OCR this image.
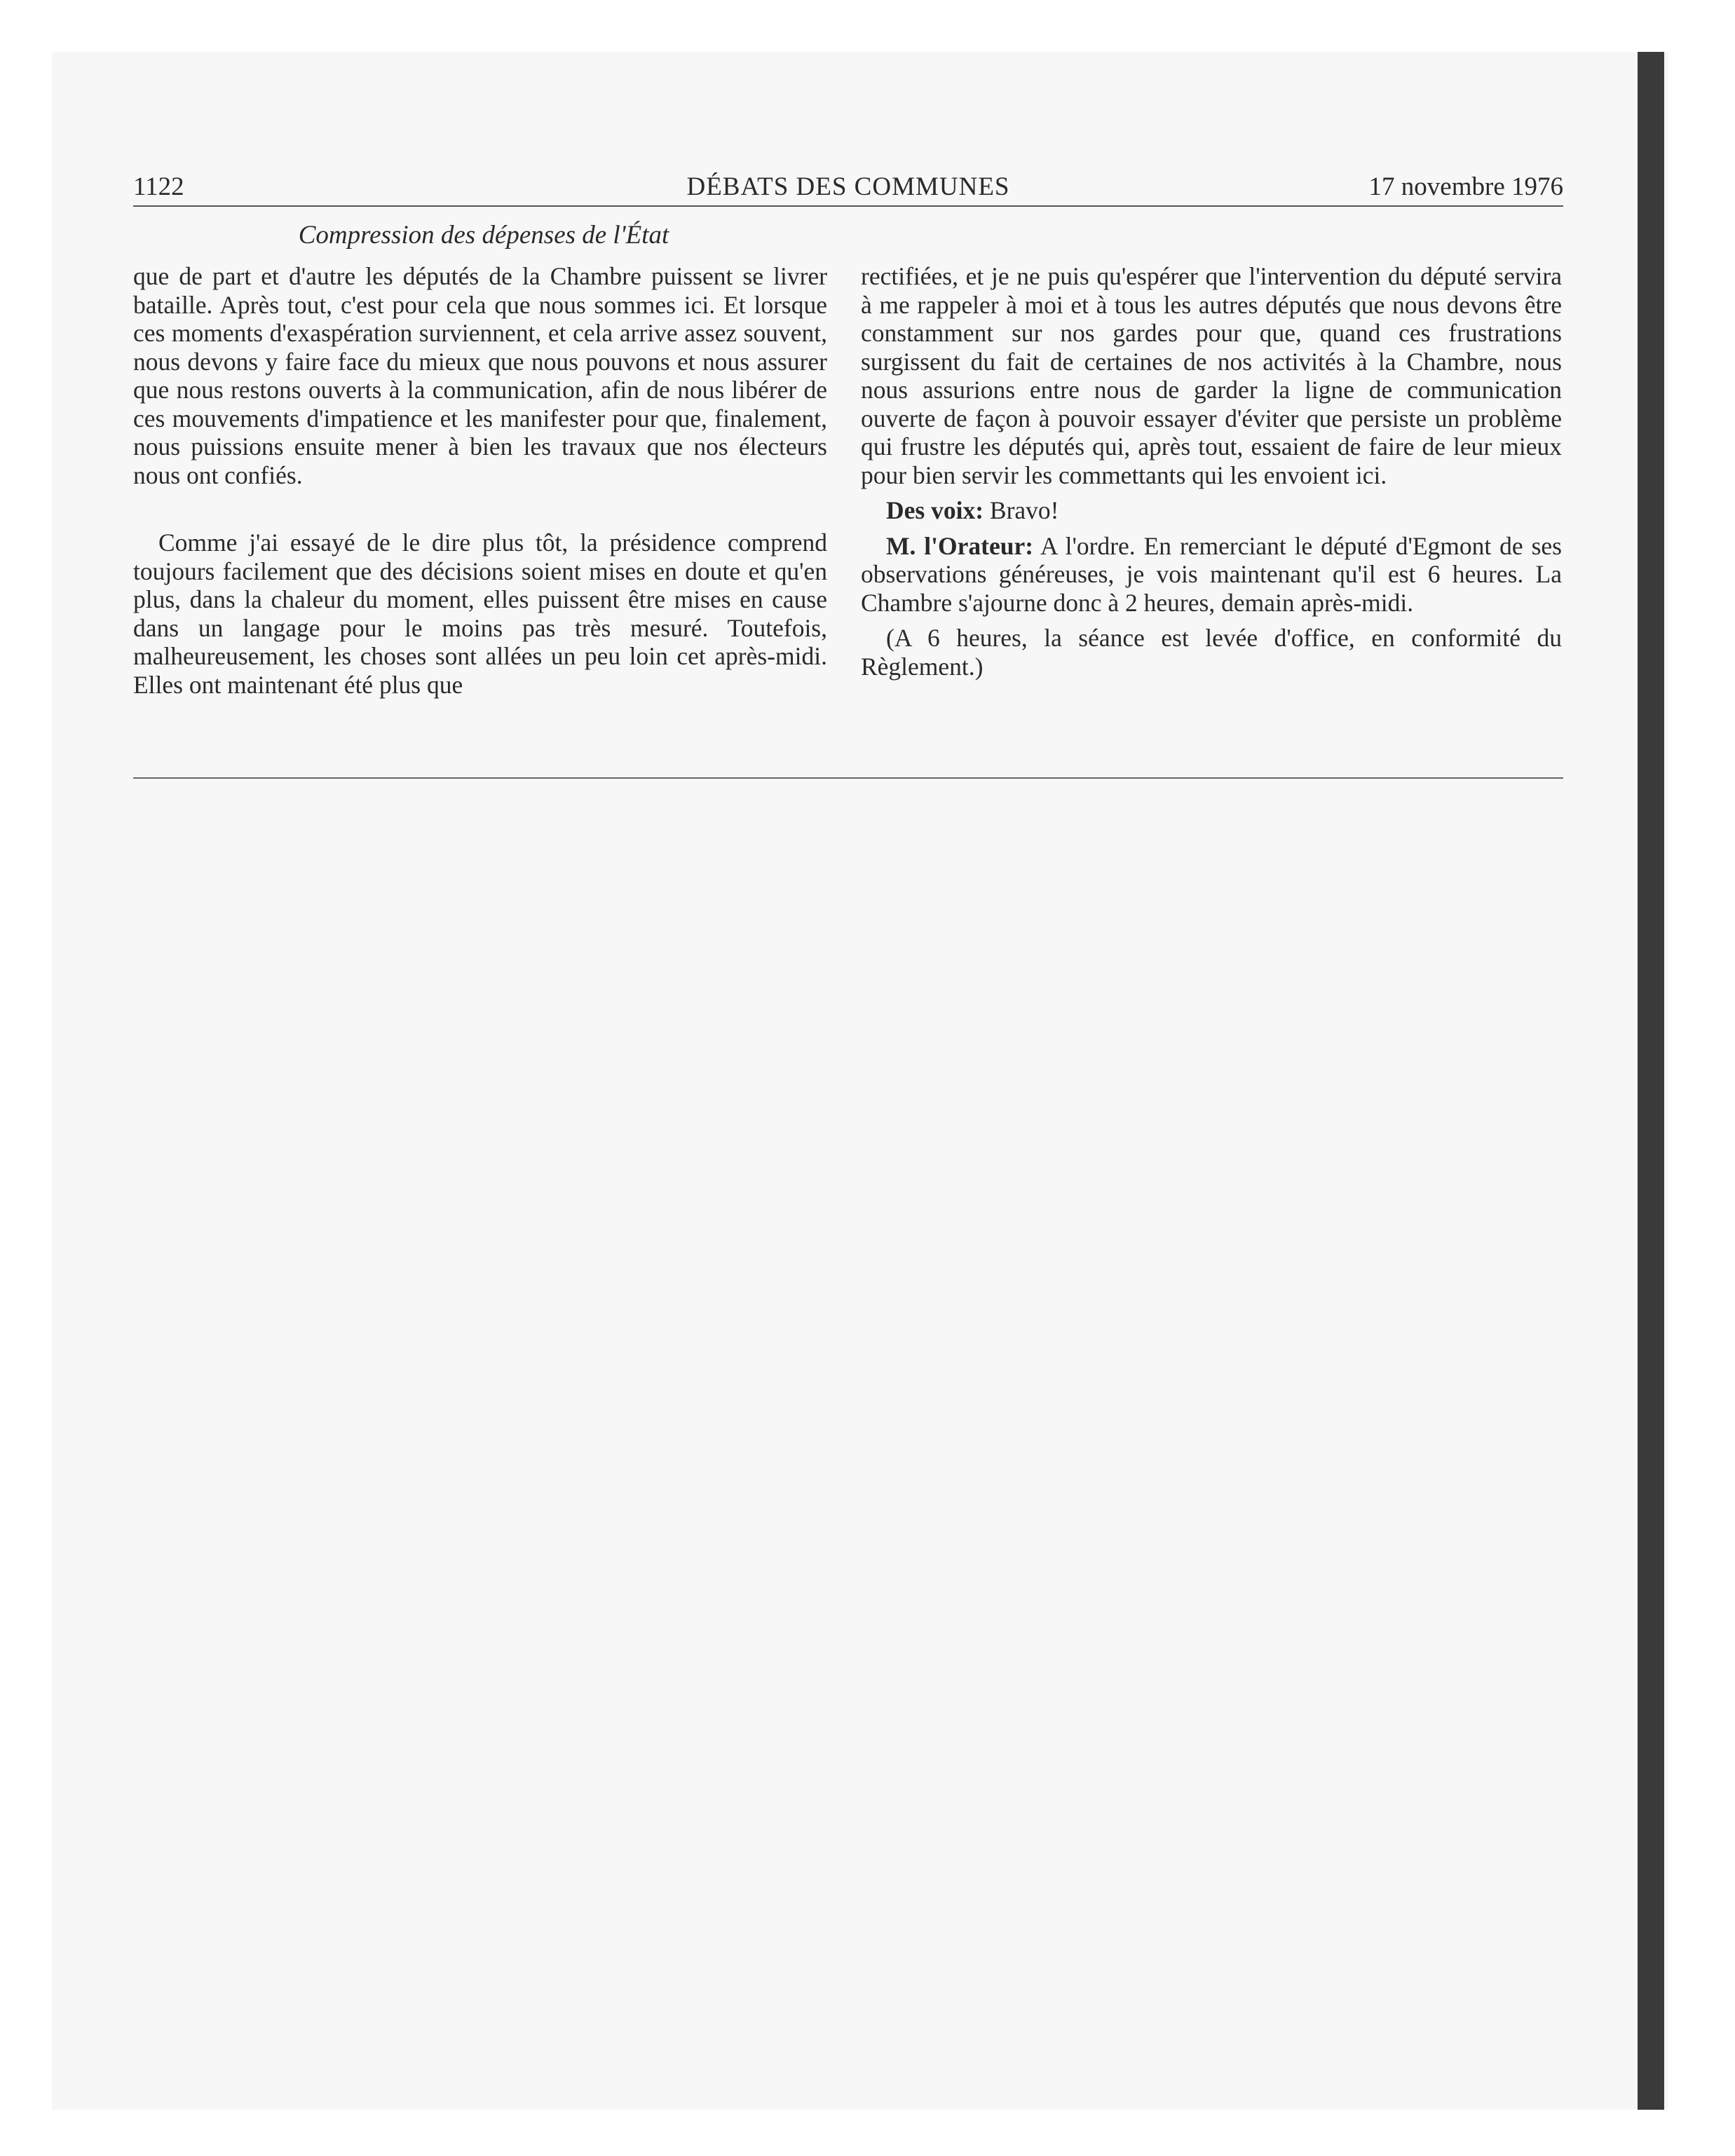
1122	DÉBATS DES COMMUNES	17 novembre 1976
Compression des dépenses de l'État

que de part et d'autre les députés de la Chambre puissent se livrer bataille. Après tout, c'est pour cela que nous sommes ici. Et lorsque ces moments d'exaspération surviennent, et cela arrive assez souvent, nous devons y faire face du mieux que nous pouvons et nous assurer que nous restons ouverts à la communication, afin de nous libérer de ces mouvements d'impatience et les manifester pour que, finalement, nous puissions ensuite mener à bien les travaux que nos électeurs nous ont confiés.

Comme j'ai essayé de le dire plus tôt, la présidence comprend toujours facilement que des décisions soient mises en doute et qu'en plus, dans la chaleur du moment, elles puissent être mises en cause dans un langage pour le moins pas très mesuré. Toutefois, malheureusement, les choses sont allées un peu loin cet après-midi. Elles ont maintenant été plus que

rectifiées, et je ne puis qu'espérer que l'intervention du député servira à me rappeler à moi et à tous les autres députés que nous devons être constamment sur nos gardes pour que, quand ces frustrations surgissent du fait de certaines de nos activités à la Chambre, nous nous assurions entre nous de garder la ligne de communication ouverte de façon à pouvoir essayer d'éviter que persiste un problème qui frustre les députés qui, après tout, essaient de faire de leur mieux pour bien servir les commettants qui les envoient ici.

Des voix: Bravo!

M. l'Orateur: A l'ordre. En remerciant le député d'Egmont de ses observations généreuses, je vois maintenant qu'il est 6 heures. La Chambre s'ajourne donc à 2 heures, demain après-midi.

(A 6 heures, la séance est levée d'office, en conformité du Règlement.)
